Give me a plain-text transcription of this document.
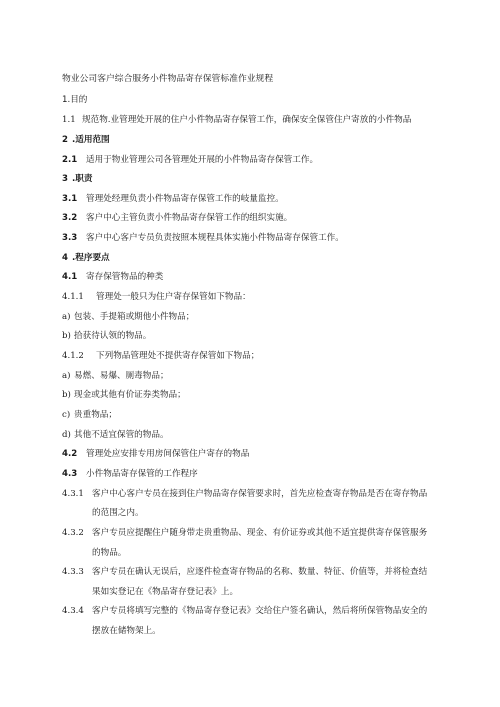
物业公司客户综合服务小件物品寄存保管标准作业规程
1.目的
1.1 规范物.业管理处开展的住户小件物品寄存保管工作，确保安全保管住户寄放的小件物品
2 .适用范围
2.1 适用于物业管理公司各管理处开展的小件物品寄存保管工作。
3 .职责
3.1 管理处经理负责小件物品寄存保管工作的岐量监控。
3.2 客户中心主管负责小件物品寄存保管工作的组织实施。
3.3 客户中心客户专员负责按照本规程具体实施小件物品寄存保管工作。
4 .程序要点
4.1 寄存保管物品的种类
4.1.1 管理处一般只为住户寄存保管如下物品：
a) 包装、手提箱或期他小件物品；
b) 拾获待认领的物品。
4.1.2 下列物品管理处不提供寄存保管如下物品；
a) 易燃、易爆、厕毒物品；
b) 现金或其他有价证券类物品；
c) 贵重物品；
d) 其他不适宜保管的物品。
4.2 管理处应安排专用房间保管住户寄存的物品
4.3 小件物品寄存保管的工作程序
4.3.1 客户中心客户专员在接到住户物品寄存保管要求时，首先应检查寄存物品是否在寄存物品
的范围之内。
4.3.2 客户专员应提醒住户随身带走贵重物品、现金、有价证券或其他不适宜提供寄存保管服务
的物品。
4.3.3 客户专员在确认无误后，应逐件检查寄存物品的名称、数量、特征、价值等，并将检查结
果如实登记在《物品寄存登记表》上。
4.3.4 客户专员将填写完整的《物品寄存登记表》交给住户签名确认，然后将所保管物品安全的
摆放在储物架上。
